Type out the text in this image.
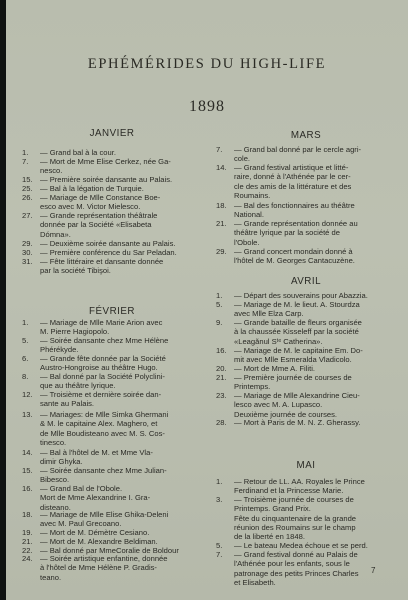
EPHÉMÉRIDES DU HIGH-LIFE
1898
JANVIER
1.	— Grand bal à la cour.
7.	— Mort de Mme Elise Cerkez, née Ga-
nesco.
15. — Première soirée dansante au Palais.
25. — Bal à la légation de Turquie.
26. — Mariage de Mlle Constance Boe-
esco avec M. Victor Mielesco.
27. — Grande représentation théâtrale
donnée par la Société «Elisabeta
Dómna».
29. — Deuxième soirée dansante au Palais.
30. — Première conférence du Sar Peladan.
31. — Fête littéraire et dansante donnée
par la société Tibişoi.
FÉVRIER
1.	— Mariage de Mlle Marie Arion avec
M. Pierre Hagiopolo.
5.	— Soirée dansante chez Mme Hélène
Phérékyde.
6.	— Grande fête donnée par la Société
Austro-Hongroise au théâtre Hugo.
8.	— Bal donné par la Société Polyclini-
que au théâtre lyrique.
12. — Troisième et dernière soirée dan-
sante au Palais.
13. — Mariages: de Mlle Simka Ghermani
& M. le capitaine Alex. Maghero, et
de Mlle Boudisteano avec M. S. Cos-
tinesco.
14. — Bal à l'hôtel de M. et Mme Vla-
dimir Ghyka.
15. — Soirée dansante chez Mme Julian-
Bibesco.
16. — Grand Bal de l'Obole.
Mort de Mme Alexandrine I. Gra-
disteano.
18. — Mariage de Mlle Elise Ghika-Deleni
avec M. Paul Grecoano.
19. — Mort de M. Démètre Cesiano.
21. — Mort de M. Alexandre Beldiman.
22. — Bal donné par MmeCoralie de Boldour
24. — Soirée artistique enfantine, donnée
à l'hôtel de Mme Hélène P. Gradis-
teano.
MARS
7.	— Grand bal donné par le cercle agri-
cole.
14. — Grand festival artistique et litté-
raire, donné à l'Athénée par le cer-
cle des amis de la littérature et des
Roumains.
18. — Bal des fonctionnaires au théâtre
National.
21. — Grande représentation donnée au
théâtre lyrique par la société de
l'Obole.
29. — Grand concert mondain donné à
l'hôtel de M. Georges Cantacuzène.
AVRIL
1.	— Départ des souverains pour Abazzia.
5.	— Mariage de M. le lieut. A. Stourdza
avec Mlle Elza Carp.
9.	— Grande bataille de fleurs organisée
à la chaussée Kisseleff par la société
«Leagănul Sᵗᵉ Catherina».
16. — Mariage de M. le capitaine Em. Do-
mit avec Mlle Esmeralda Vladicolo.
20. — Mort de Mme A. Filiti.
21. — Première journée de courses de
Printemps.
23. — Mariage de Mlle Alexandrine Cieu-
lesco avec M. A. Lupasco.
Deuxième journée de courses.
28. — Mort à Paris de M. N. Z. Gherassy.
MAI
1.	— Retour de LL. AA. Royales le Prince
Ferdinand et la Princesse Marie.
3.	— Troisième journée de courses de
Printemps. Grand Prix.
Fête du cinquantenaire de la grande
réunion des Roumains sur le champ
de la liberté en 1848.
5.	— Le bateau Medea échoue et se perd.
7.	— Grand festival donné au Palais de
l'Athénée pour les enfants, sous le
patronage des petits Princes Charles
et Elisabeth.
7
